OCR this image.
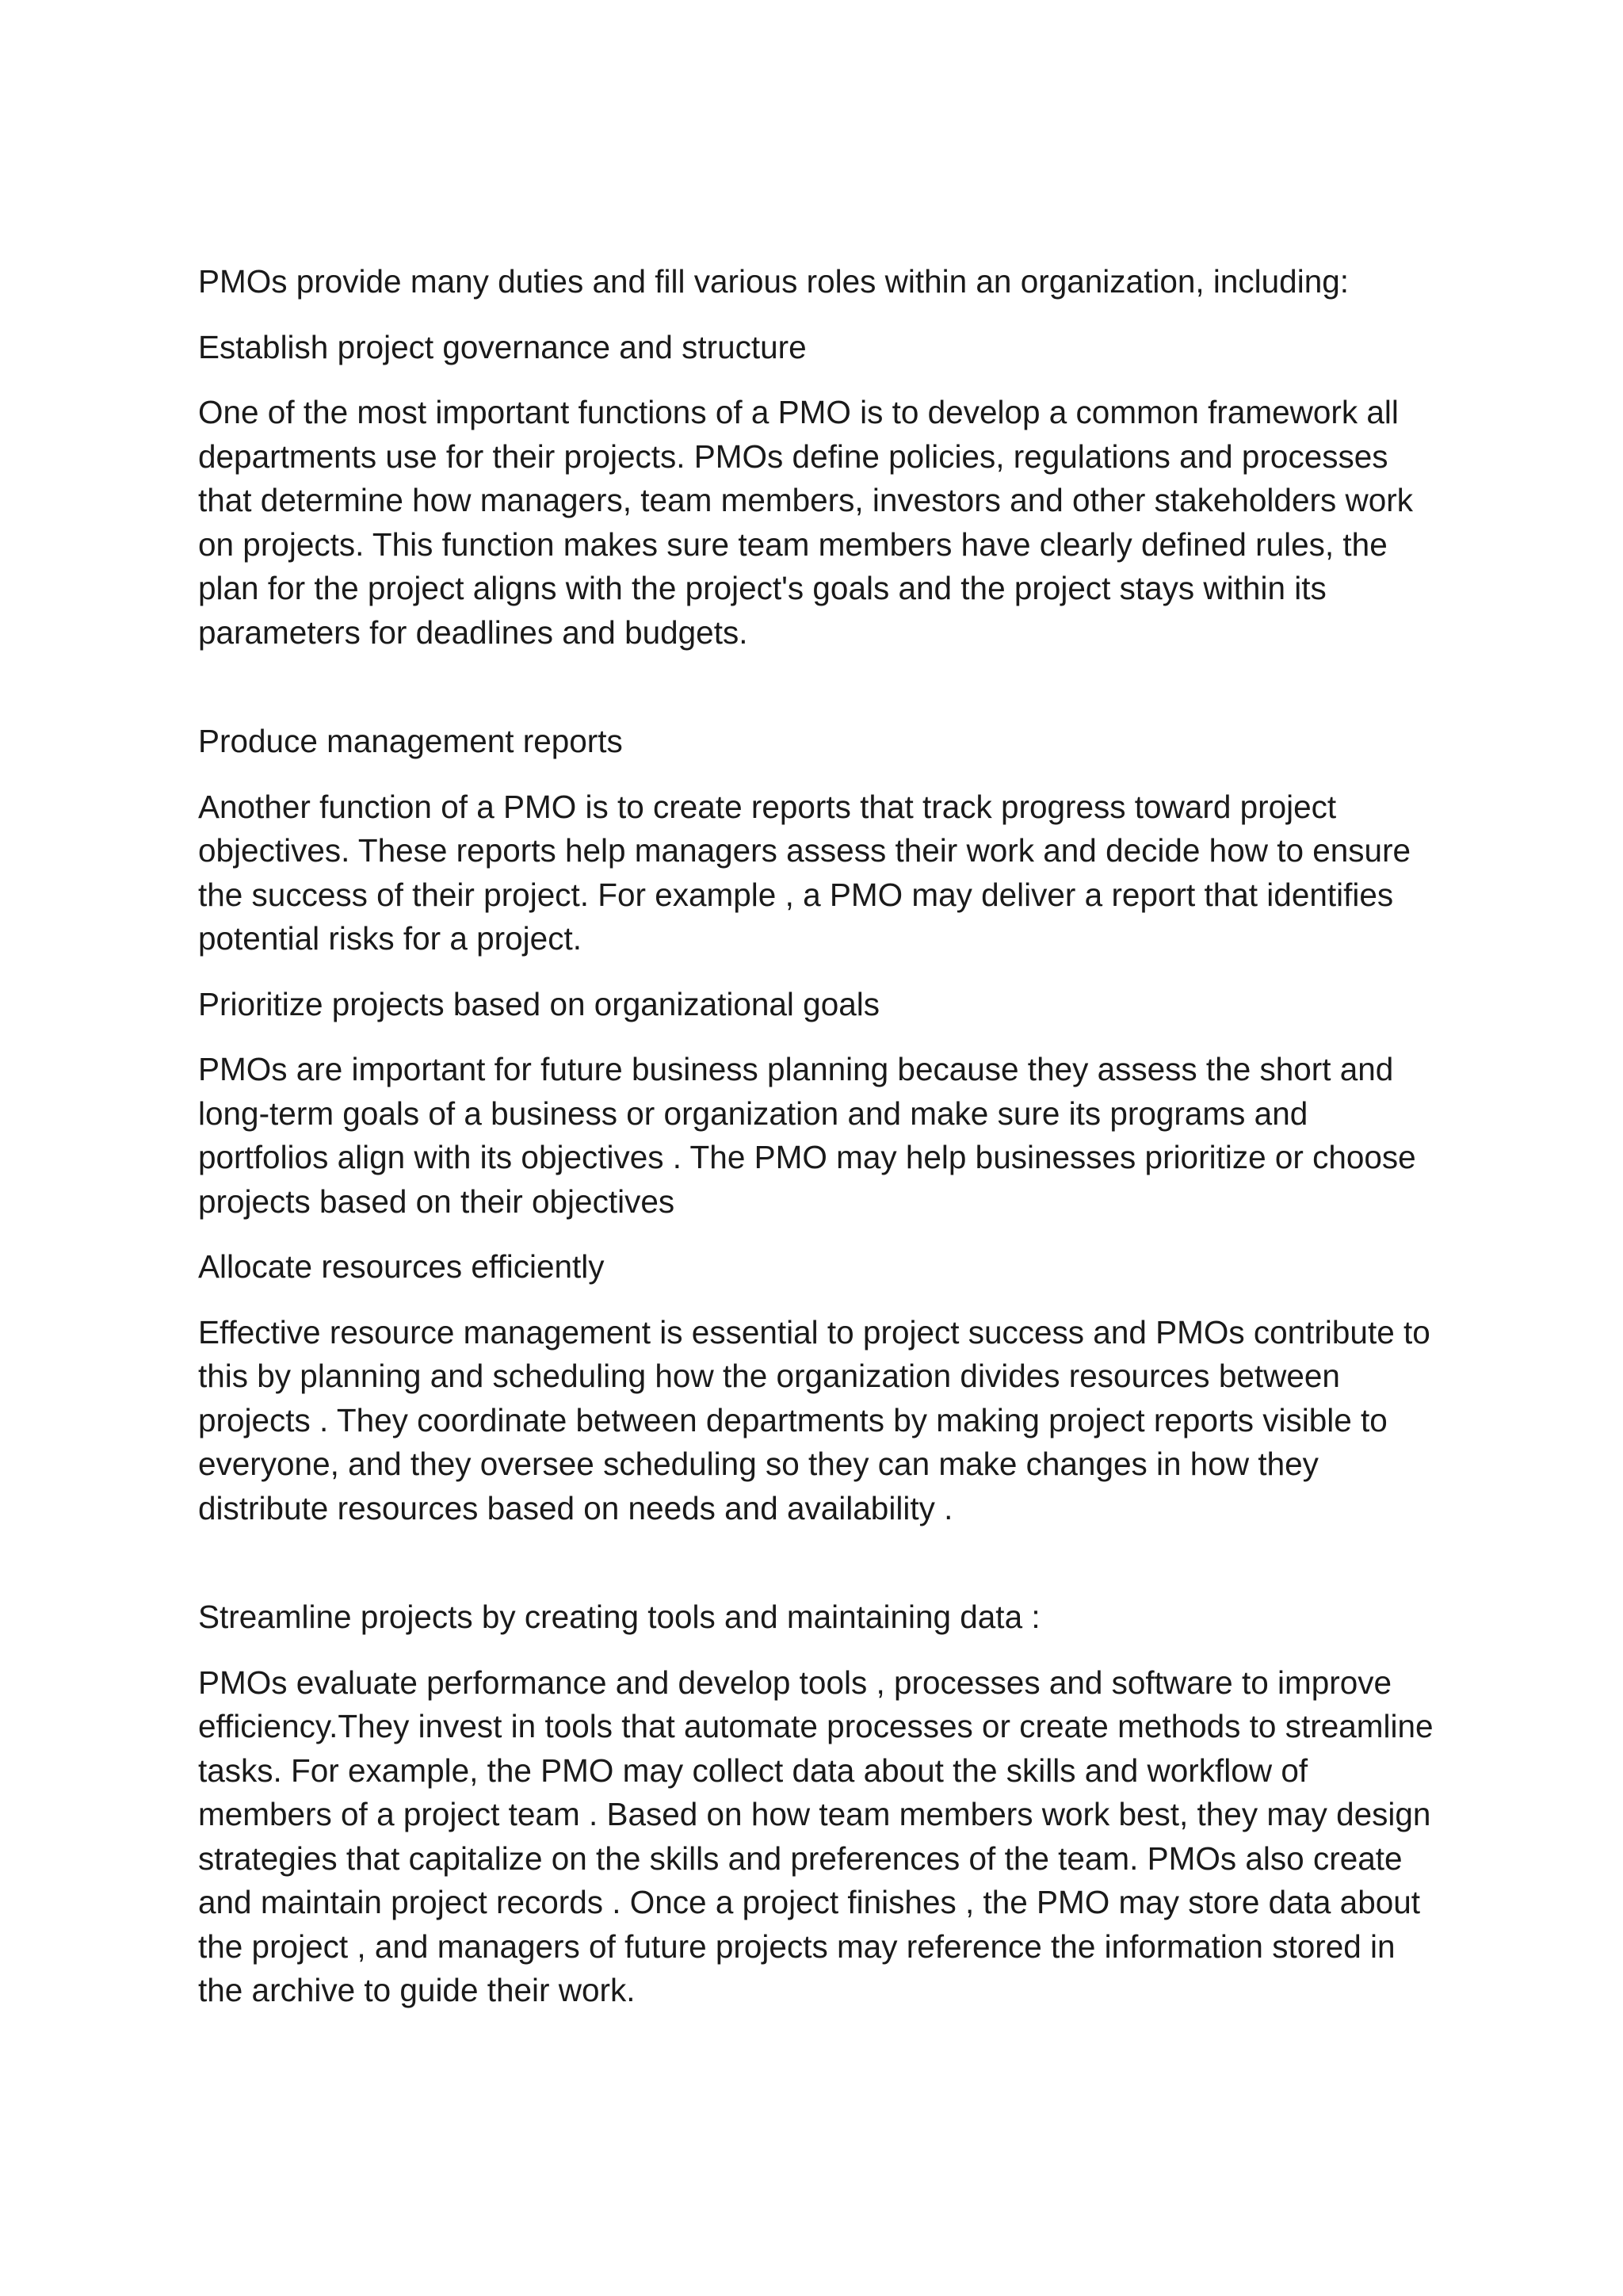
PMOs provide many duties and fill various roles within an organization, including:

Establish project governance and structure

One of the most important functions of a PMO is to develop a common framework all departments use for their projects. PMOs define policies, regulations and processes that determine how managers, team members, investors and other stakeholders work on projects. This function makes sure team members have clearly defined rules, the plan for the project aligns with the project's goals and the project stays within its parameters for deadlines and budgets.

Produce management reports

Another function of a PMO is to create reports that track progress toward project objectives. These reports help managers assess their work and decide how to ensure the success of their project. For example , a PMO may deliver a report that identifies potential risks for a project.

Prioritize projects based on organizational goals

PMOs are important for future business planning because they assess the short and long-term goals of a business or organization and make sure its programs and portfolios align with its objectives . The PMO may help businesses prioritize or choose projects based on their objectives

Allocate resources efficiently

Effective resource management is essential to project success and PMOs contribute to this by planning and scheduling how the organization divides resources between projects . They coordinate between departments by making project reports visible to everyone, and they oversee scheduling so they can make changes in how they distribute resources based on needs and availability .

Streamline projects by creating tools and maintaining data :

PMOs evaluate performance and develop tools , processes and software to improve efficiency.They invest in tools that automate processes or create methods to streamline tasks. For example, the PMO may collect data about the skills and workflow of members of a project team . Based on how team members work best, they may design strategies that capitalize on the skills and preferences of the team. PMOs also create and maintain project records . Once a project finishes , the PMO may store data about the project , and managers of future projects may reference the information stored in the archive to guide their work.
